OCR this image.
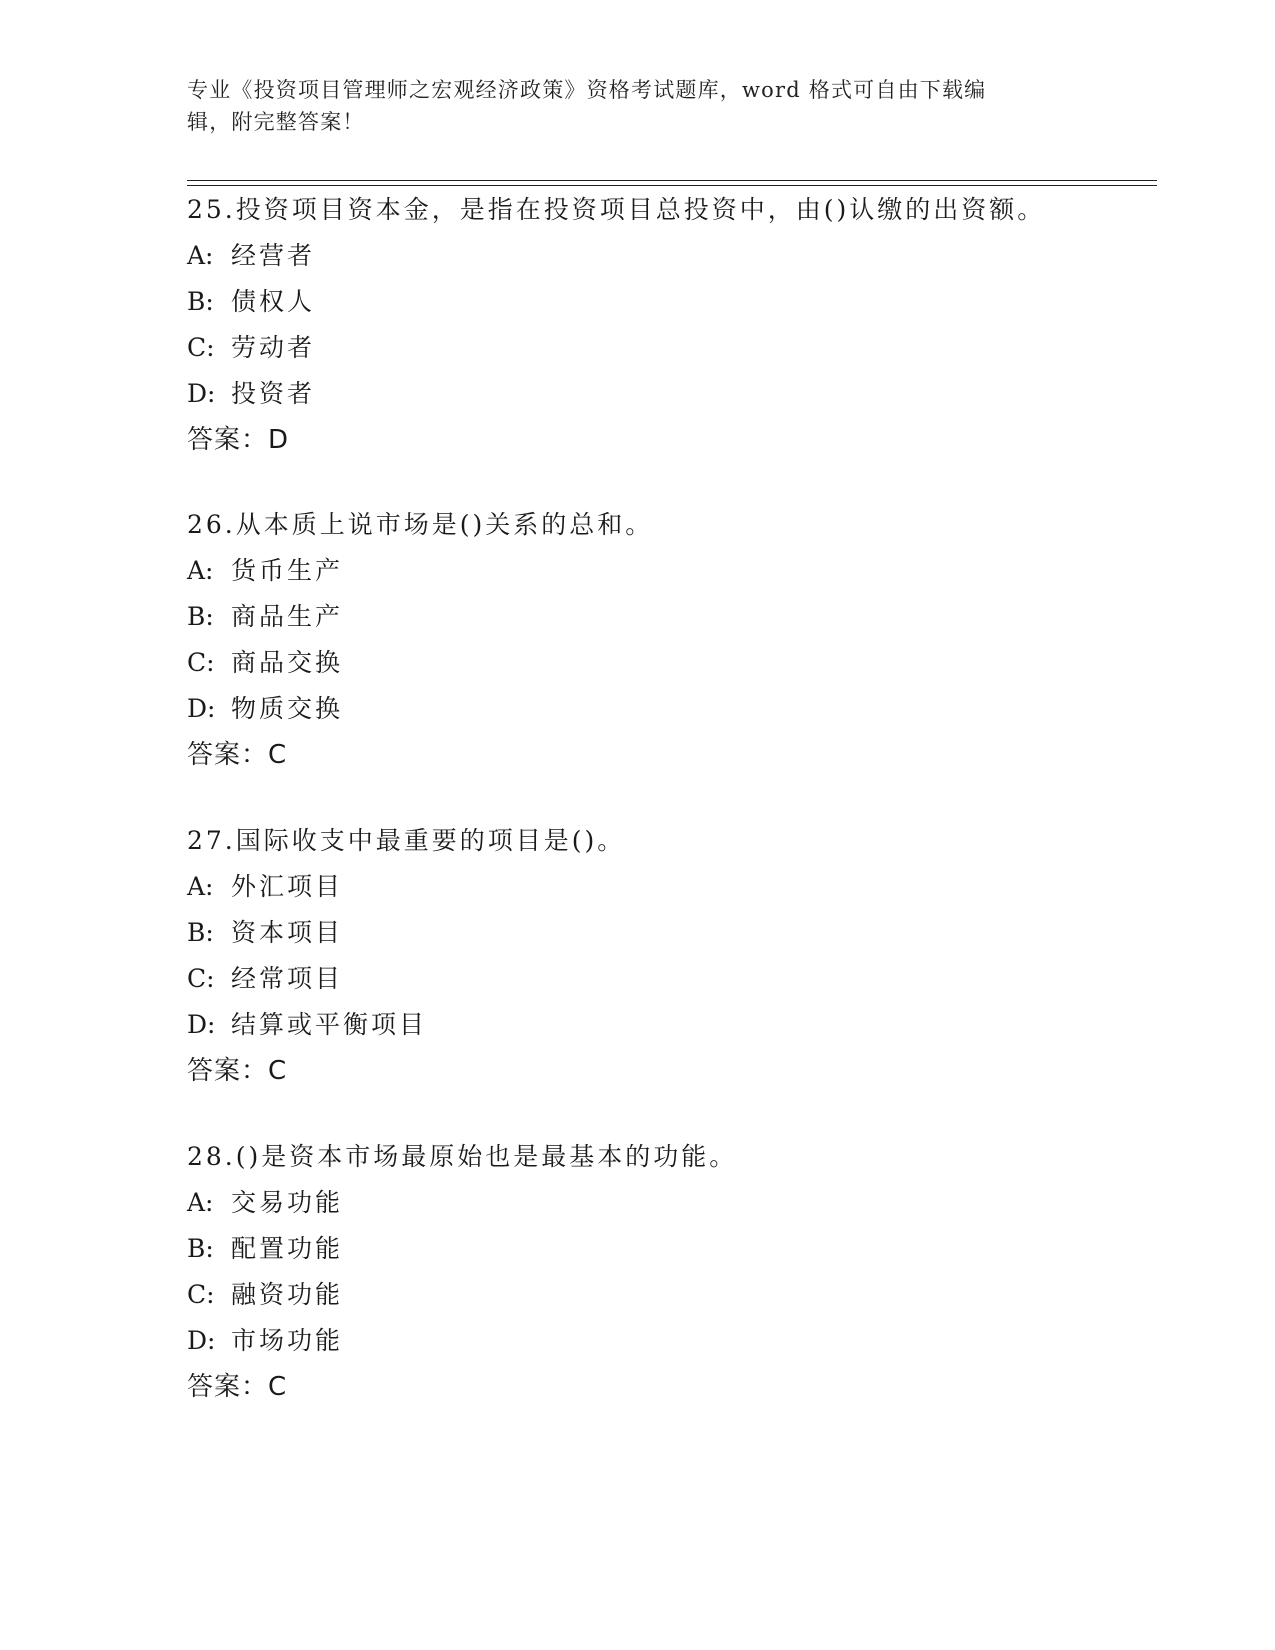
专业《投资项目管理师之宏观经济政策》资格考试题库，word 格式可自由下载编
辑，附完整答案！
25.投资项目资本金，是指在投资项目总投资中，由()认缴的出资额。
A: 经营者
B: 债权人
C: 劳动者
D: 投资者
答案：D
26.从本质上说市场是()关系的总和。
A: 货币生产
B: 商品生产
C: 商品交换
D: 物质交换
答案：C
27.国际收支中最重要的项目是()。
A: 外汇项目
B: 资本项目
C: 经常项目
D: 结算或平衡项目
答案：C
28.()是资本市场最原始也是最基本的功能。
A: 交易功能
B: 配置功能
C: 融资功能
D: 市场功能
答案：C
